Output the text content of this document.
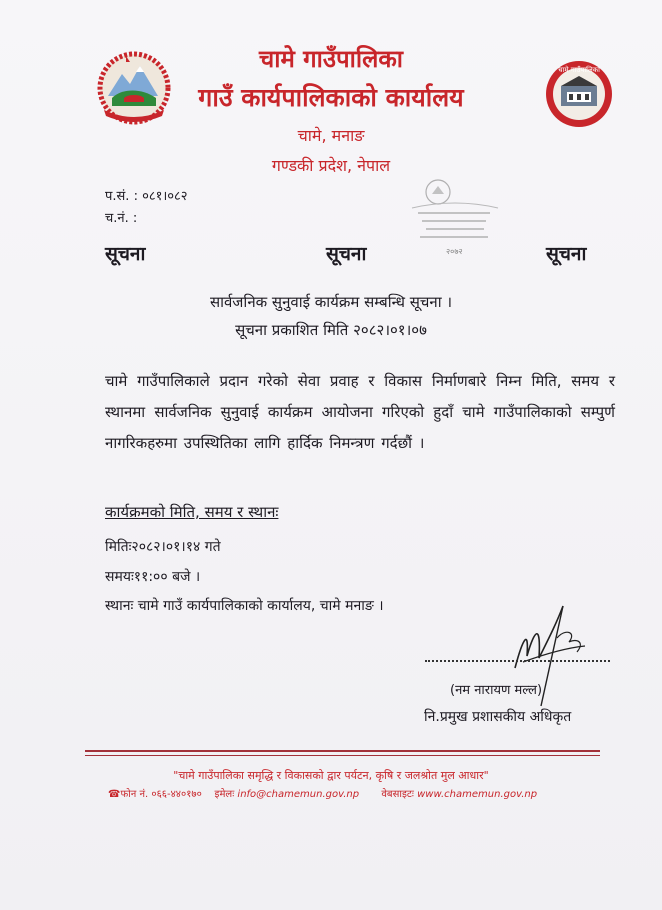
चामे गाउँपालिका
गाउँ कार्यपालिकाको कार्यालय
चामे, मनाङ
गण्डकी प्रदेश, नेपाल
चामे गाउँपालिका
प.सं. : ०८१।०८२
च.नं. :
२०७२
सूचना	सूचना	सूचना
सार्वजनिक सुनुवाई कार्यक्रम सम्बन्धि सूचना ।
सूचना प्रकाशित मिति २०८२।०१।०७
चामे गाउँपालिकाले प्रदान गरेको सेवा प्रवाह र विकास निर्माणबारे निम्न मिति, समय र स्थानमा सार्वजनिक सुनुवाई कार्यक्रम आयोजना गरिएको हुदाँ चामे गाउँपालिकाको सम्पुर्ण नागरिकहरुमा उपस्थितिका लागि हार्दिक निमन्त्रण गर्दछौं ।
कार्यक्रमको मिति, समय र स्थानः
मितिः२०८२।०१।१४ गते
समयः११:०० बजे ।
स्थानः चामे गाउँ कार्यपालिकाको कार्यालय, चामे मनाङ ।
(नम नारायण मल्ल)
नि.प्रमुख प्रशासकीय अधिकृत
"चामे गाउँपालिका समृद्धि र विकासको द्वार पर्यटन, कृषि र जलश्रोत मुल आधार"
☎फोन नं. ०६६-४४०१७० इमेलः info@chamemun.gov.np वेबसाइटः www.chamemun.gov.np
